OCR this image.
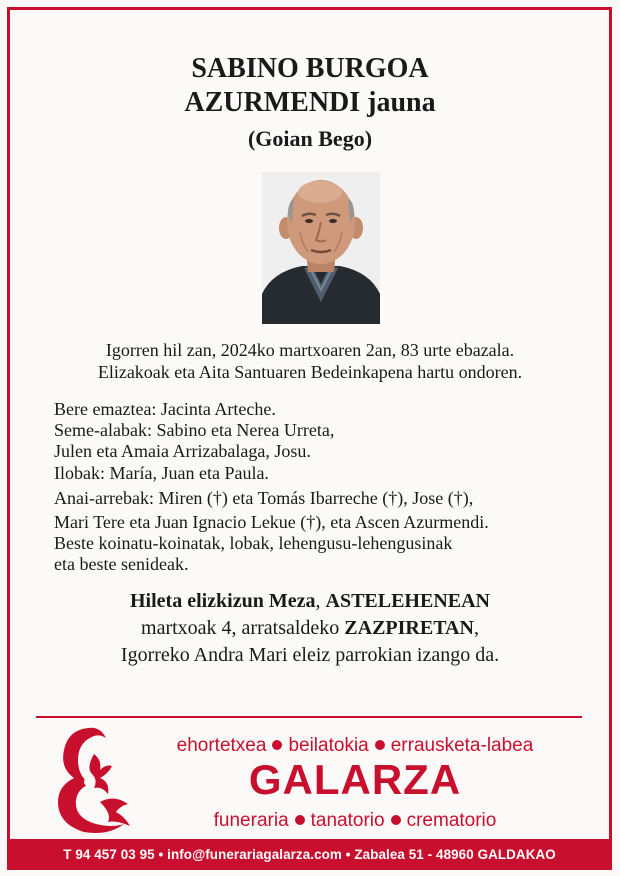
SABINO BURGOA
AZURMENDI jauna
(Goian Bego)
Igorren hil zan, 2024ko martxoaren 2an, 83 urte ebazala.
Elizakoak eta Aita Santuaren Bedeinkapena hartu ondoren.
Bere emaztea: Jacinta Arteche.
Seme-alabak: Sabino eta Nerea Urreta,
Julen eta Amaia Arrizabalaga, Josu.
Ilobak: María, Juan eta Paula.
Anai-arrebak: Miren (†) eta Tomás Ibarreche (†), Jose (†),
Mari Tere eta Juan Ignacio Lekue (†), eta Ascen Azurmendi.
Beste koinatu-koinatak, lobak, lehengusu-lehengusinak
eta beste senideak.
Hileta elizkizun Meza, ASTELEHENEAN
martxoak 4, arratsaldeko ZAZPIRETAN,
Igorreko Andra Mari eleiz parrokian izango da.
ehortetxea beilatokia errausketa-labea
GALARZA
funeraria tanatorio crematorio
T 94 457 03 95 • info@funerariagalarza.com • Zabalea 51 - 48960 GALDAKAO
